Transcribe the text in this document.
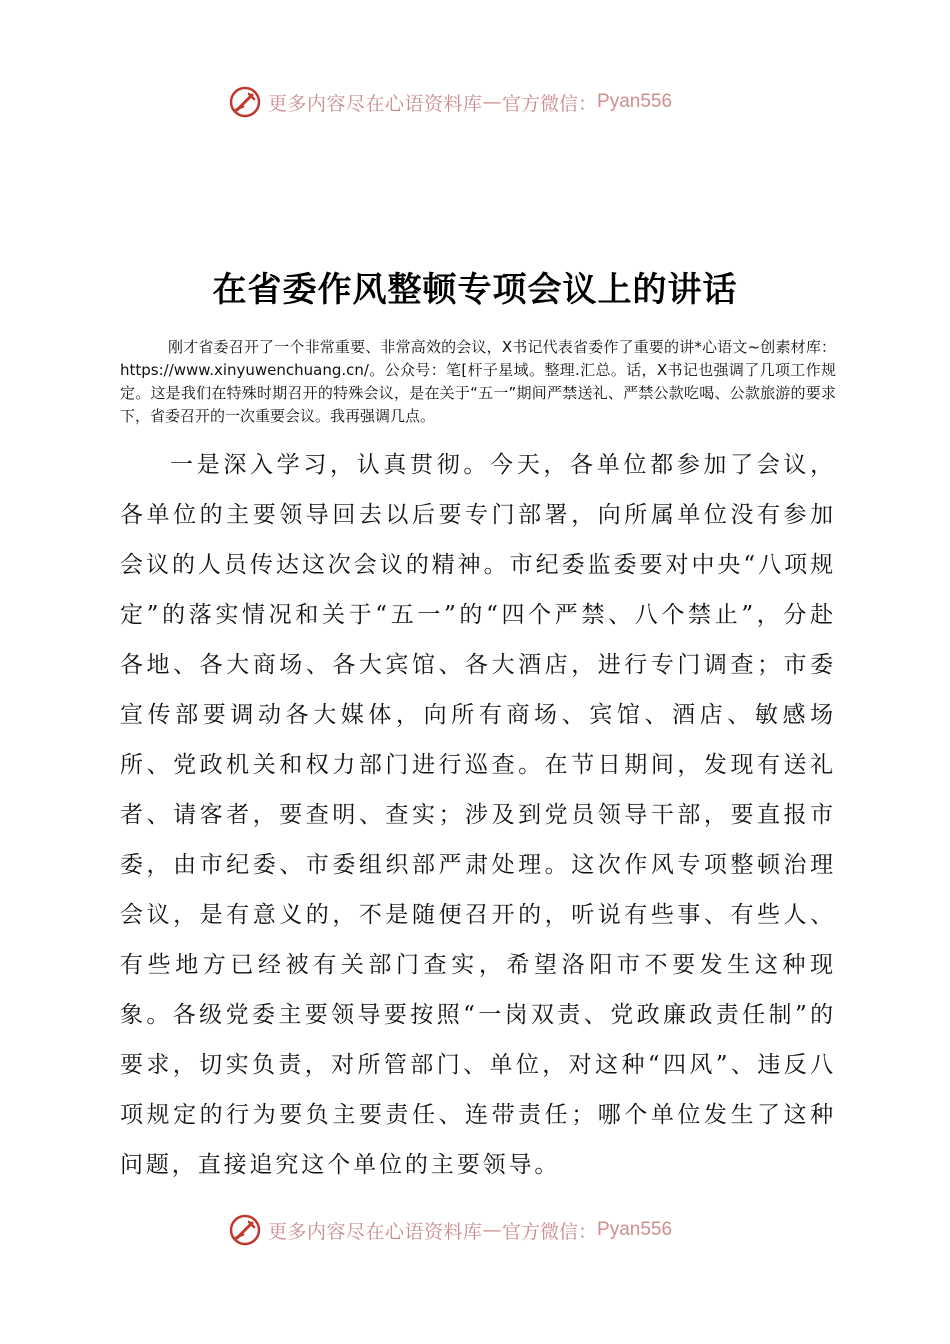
更多内容尽在心语资料库 — 官方微信： Pyan556
在省委作风整顿专项会议上的讲话

刚才省委召开了一个非常重要、非常高效的会议，X书记代表省委作了重要的讲*心语文~创素材库：https://www.xinyuwenchuang.cn/。公众号：笔[杆子星域。整理.汇总。话，X书记也强调了几项工作规定。这是我们在特殊时期召开的特殊会议，是在关于“五一”期间严禁送礼、严禁公款吃喝、公款旅游的要求下，省委召开的一次重要会议。我再强调几点。

一是深入学习，认真贯彻。今天，各单位都参加了会议，各单位的主要领导回去以后要专门部署，向所属单位没有参加会议的人员传达这次会议的精神。市纪委监委要对中央“八项规定”的落实情况和关于“五一”的“四个严禁、八个禁止”，分赴各地、各大商场、各大宾馆、各大酒店，进行专门调查；市委宣传部要调动各大媒体，向所有商场、宾馆、酒店、敏感场所、党政机关和权力部门进行巡查。在节日期间，发现有送礼者、请客者，要查明、查实；涉及到党员领导干部，要直报市委，由市纪委、市委组织部严肃处理。这次作风专项整顿治理会议，是有意义的，不是随便召开的，听说有些事、有些人、有些地方已经被有关部门查实，希望洛阳市不要发生这种现象。各级党委主要领导要按照“一岗双责、党政廉政责任制”的要求，切实负责，对所管部门、单位，对这种“四风”、违反八项规定的行为要负主要责任、连带责任；哪个单位发生了这种问题，直接追究这个单位的主要领导。

更多内容尽在心语资料库 — 官方微信： Pyan556
